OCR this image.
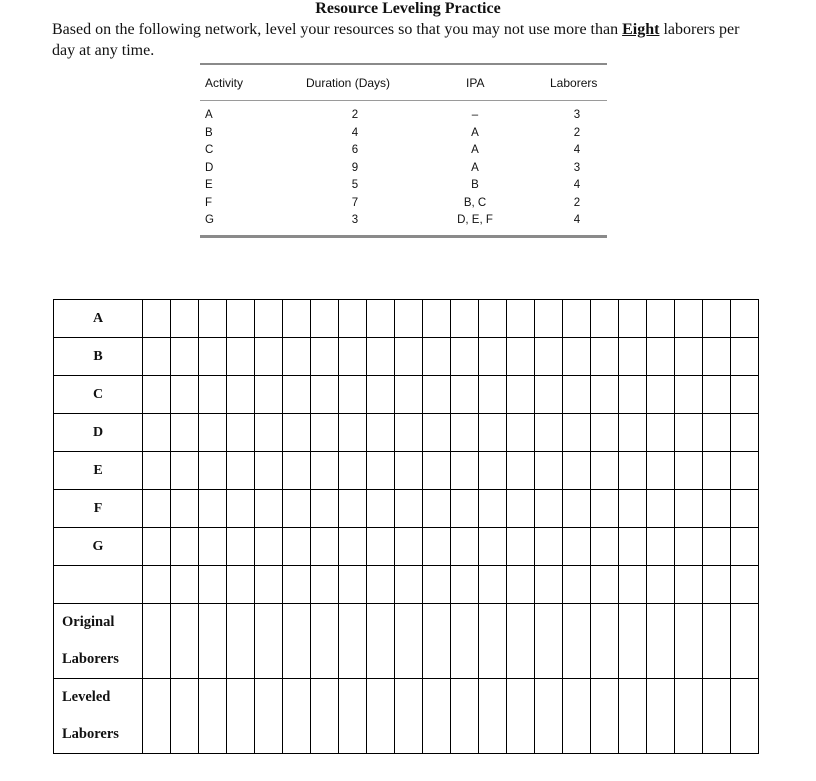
Resource Leveling Practice
Based on the following network, level your resources so that you may not use more than Eight laborers per day at any time.
Activity	Duration (Days)	IPA	Laborers
A	2	–	3
B	4	A	2
C	6	A	4
D	9	A	3
E	5	B	4
F	7	B, C	2
G	3	D, E, F	4
A																						
B																						
C																						
D																						
E																						
F																						
G																						

Original
Laborers																						

Leveled
Laborers																						
